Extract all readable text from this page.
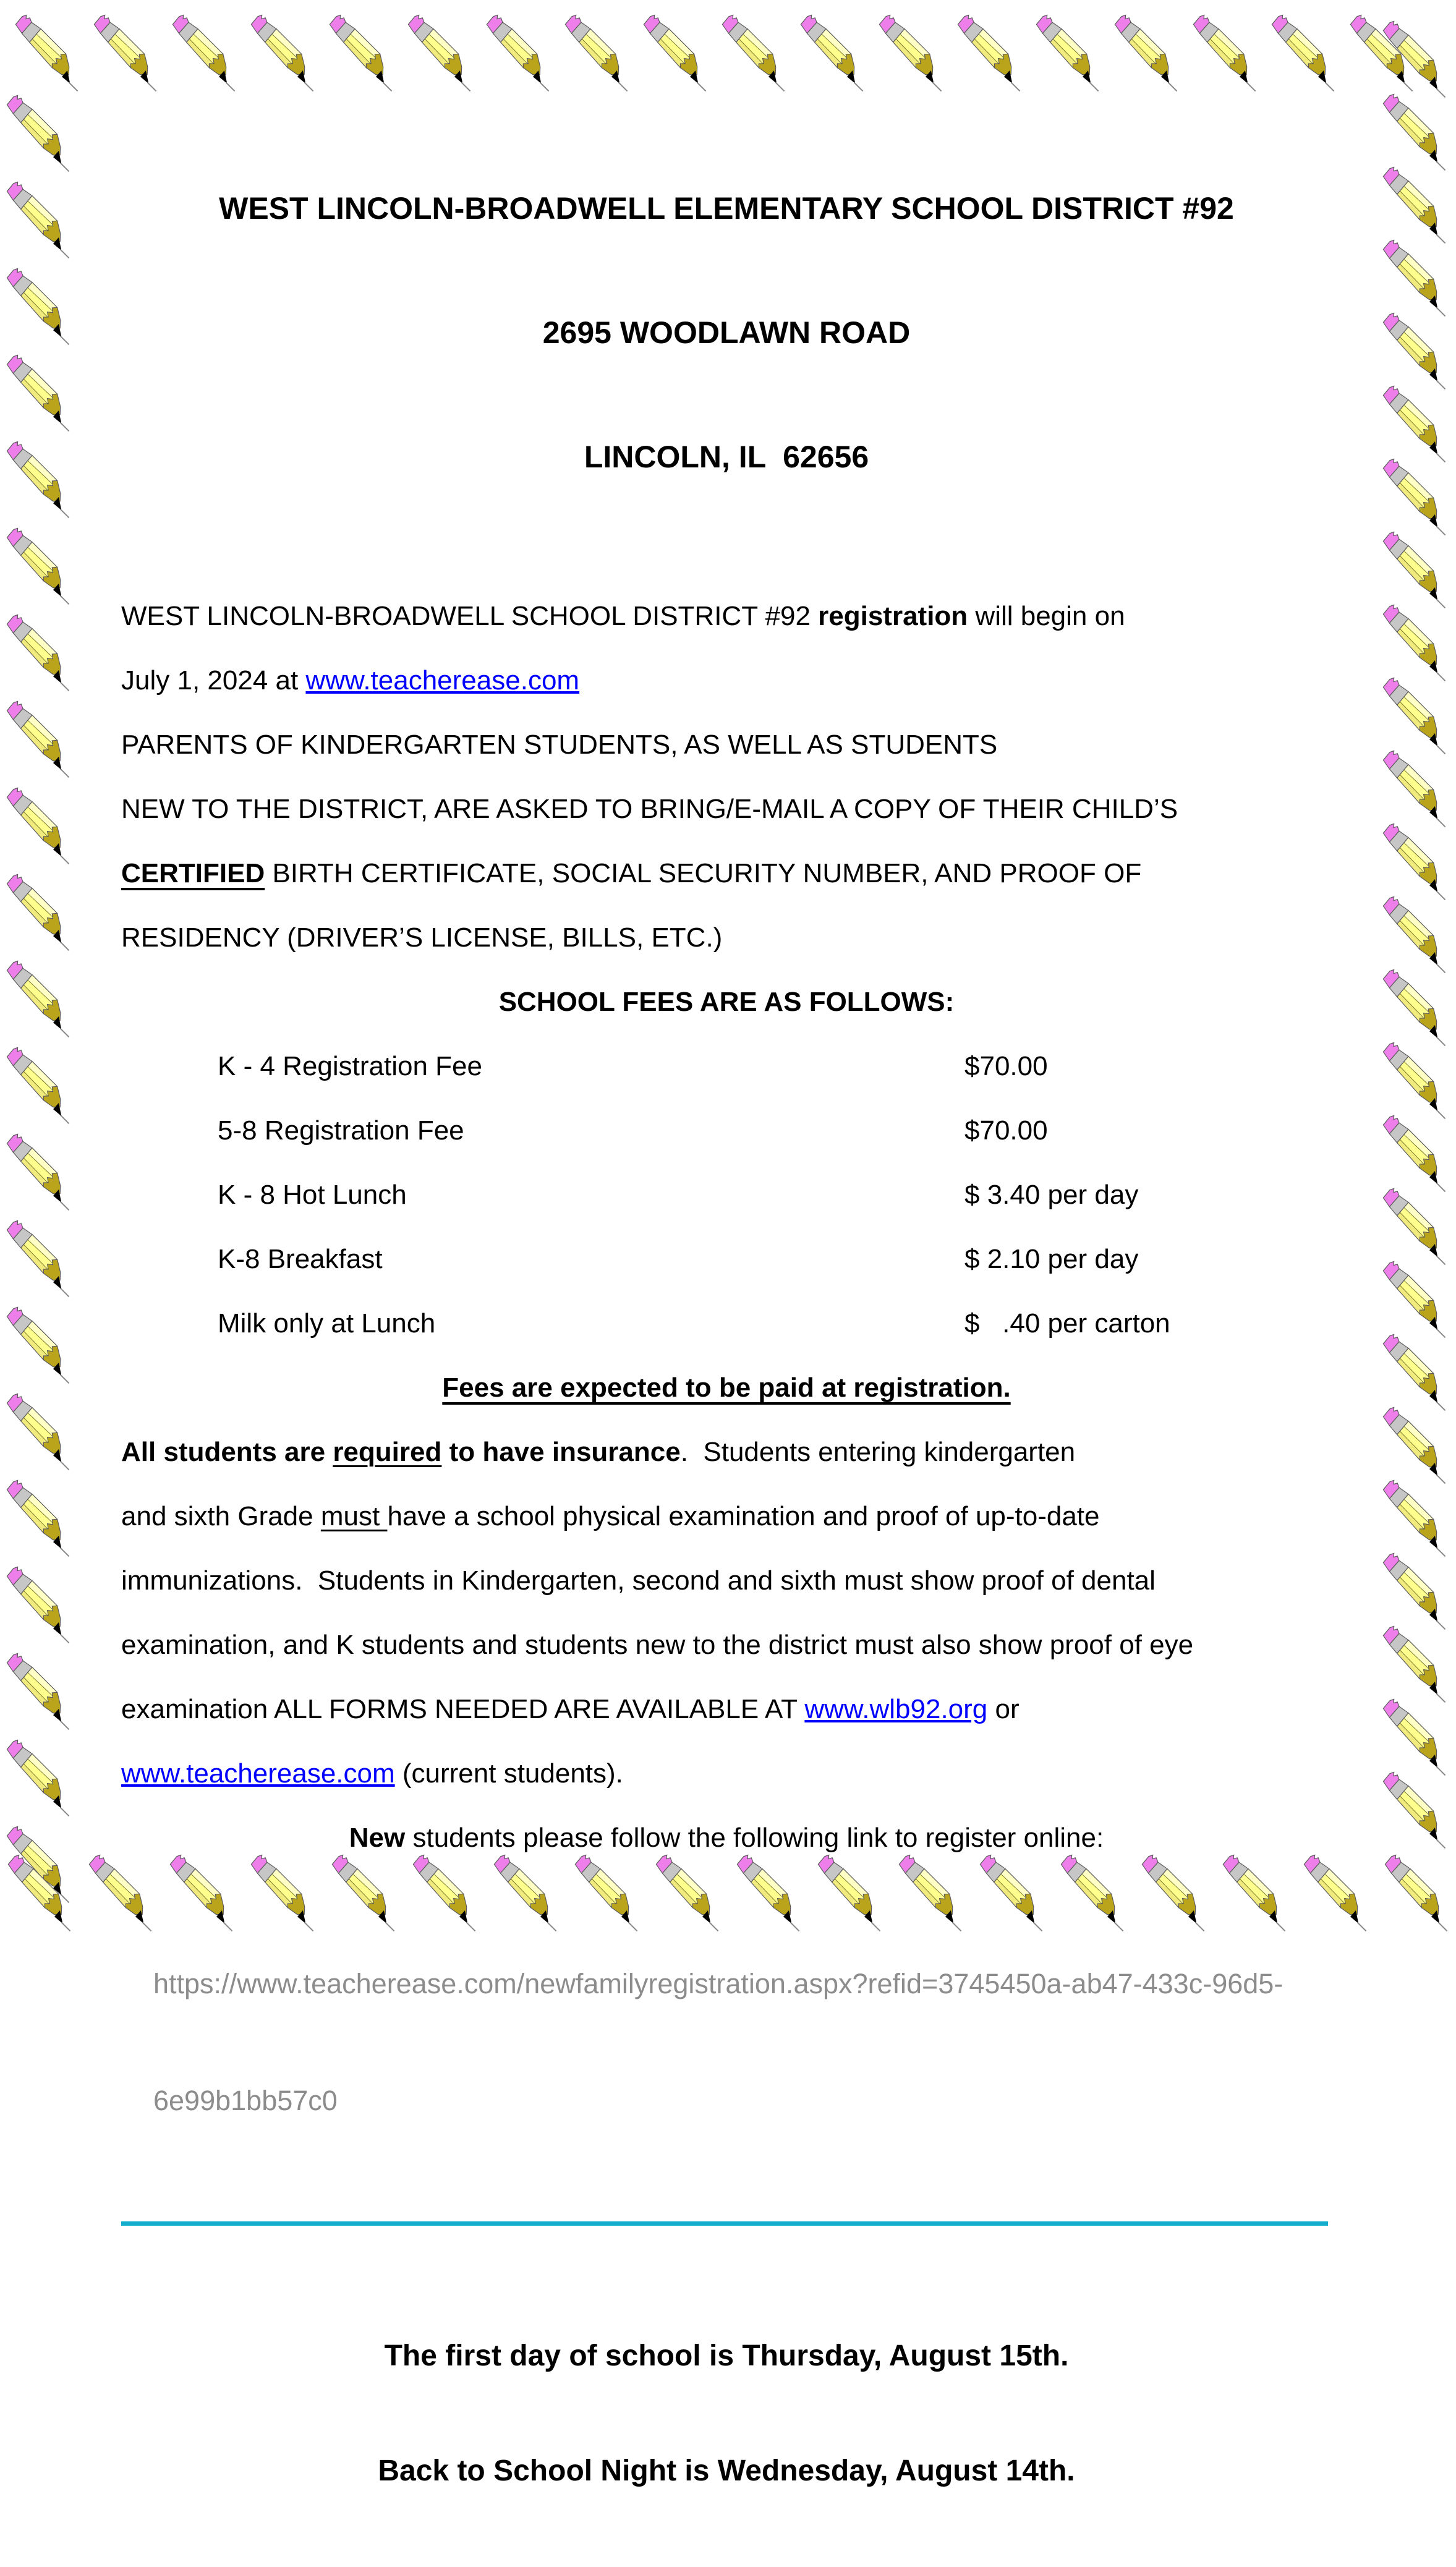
WEST LINCOLN-BROADWELL ELEMENTARY SCHOOL DISTRICT #92

2695 WOODLAWN ROAD

LINCOLN, IL  62656

WEST LINCOLN-BROADWELL SCHOOL DISTRICT #92 registration will begin on

July 1, 2024 at www.teacherease.com

PARENTS OF KINDERGARTEN STUDENTS, AS WELL AS STUDENTS

NEW TO THE DISTRICT, ARE ASKED TO BRING/E-MAIL A COPY OF THEIR CHILD’S

CERTIFIED BIRTH CERTIFICATE, SOCIAL SECURITY NUMBER, AND PROOF OF

RESIDENCY (DRIVER’S LICENSE, BILLS, ETC.)

SCHOOL FEES ARE AS FOLLOWS:

K - 4 Registration Fee	$70.00
5-8 Registration Fee	$70.00
K - 8 Hot Lunch	$ 3.40 per day
K-8 Breakfast	$ 2.10 per day
Milk only at Lunch	$   .40 per carton

Fees are expected to be paid at registration.

All students are required to have insurance.  Students entering kindergarten

and sixth Grade must have a school physical examination and proof of up-to-date

immunizations.  Students in Kindergarten, second and sixth must show proof of dental

examination, and K students and students new to the district must also show proof of eye

examination ALL FORMS NEEDED ARE AVAILABLE AT www.wlb92.org or

www.teacherease.com (current students).

New students please follow the following link to register online:

https://www.teacherease.com/newfamilyregistration.aspx?refid=3745450a-ab47-433c-96d5-

6e99b1bb57c0

The first day of school is Thursday, August 15th.

Back to School Night is Wednesday, August 14th.
